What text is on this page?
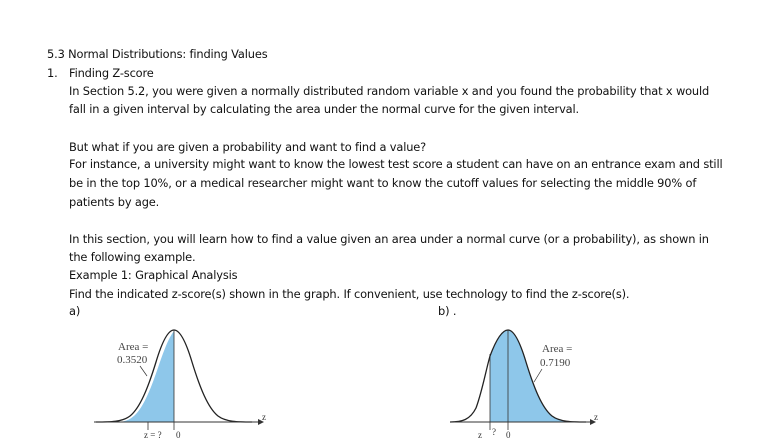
5.3 Normal Distributions: finding Values
1. Finding Z-score
In Section 5.2, you were given a normally distributed random variable x and you found the probability that x would
fall in a given interval by calculating the area under the normal curve for the given interval.
But what if you are given a probability and want to find a value?
For instance, a university might want to know the lowest test score a student can have on an entrance exam and still
be in the top 10%, or a medical researcher might want to know the cutoff values for selecting the middle 90% of
patients by age.
In this section, you will learn how to find a value given an area under a normal curve (or a probability), as shown in
the following example.
Example 1: Graphical Analysis
Find the indicated z-score(s) shown in the graph. If convenient, use technology to find the z-score(s).
a)	b) .
z
Area =
0.3520
z = ? 0
z
Area =
0.7190
z ? 0
